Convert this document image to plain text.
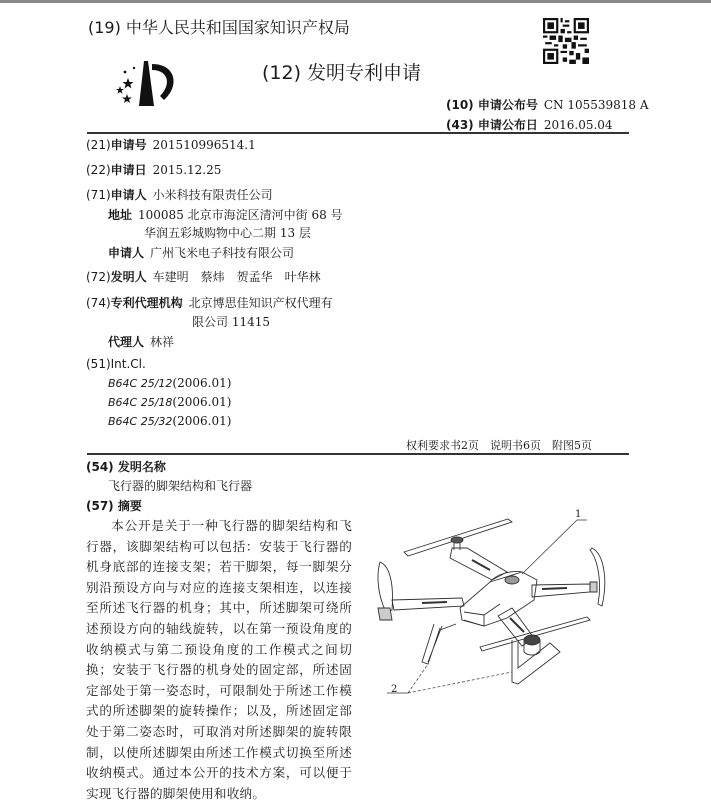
(19) 中华人民共和国国家知识产权局
(12) 发明专利申请
(10) 申请公布号 CN 105539818 A
(43) 申请公布日 2016.05.04
(21)申请号 201510996514.1
(22)申请日 2015.12.25
(71)申请人 小米科技有限责任公司
地址 100085 北京市海淀区清河中街 68 号
华润五彩城购物中心二期 13 层
申请人 广州飞米电子科技有限公司
(72)发明人 车建明　蔡炜　贺孟华　叶华林
(74)专利代理机构 北京博思佳知识产权代理有
限公司 11415
代理人 林祥
(51)Int.Cl.
B64C 25/12(2006.01)
B64C 25/18(2006.01)
B64C 25/32(2006.01)
权利要求书2页　说明书6页　附图5页
(54) 发明名称
飞行器的脚架结构和飞行器
(57) 摘要
本公开是关于一种飞行器的脚架结构和飞行器，该脚架结构可以包括：安装于飞行器的机身底部的连接支架；若干脚架，每一脚架分别沿预设方向与对应的连接支架相连，以连接至所述飞行器的机身；其中，所述脚架可绕所述预设方向的轴线旋转，以在第一预设角度的收纳模式与第二预设角度的工作模式之间切换；安装于飞行器的机身处的固定部，所述固定部处于第一姿态时，可限制处于所述工作模式的所述脚架的旋转操作；以及，所述固定部处于第二姿态时，可取消对所述脚架的旋转限制，以使所述脚架由所述工作模式切换至所述收纳模式。通过本公开的技术方案，可以便于实现飞行器的脚架使用和收纳。
1
2
